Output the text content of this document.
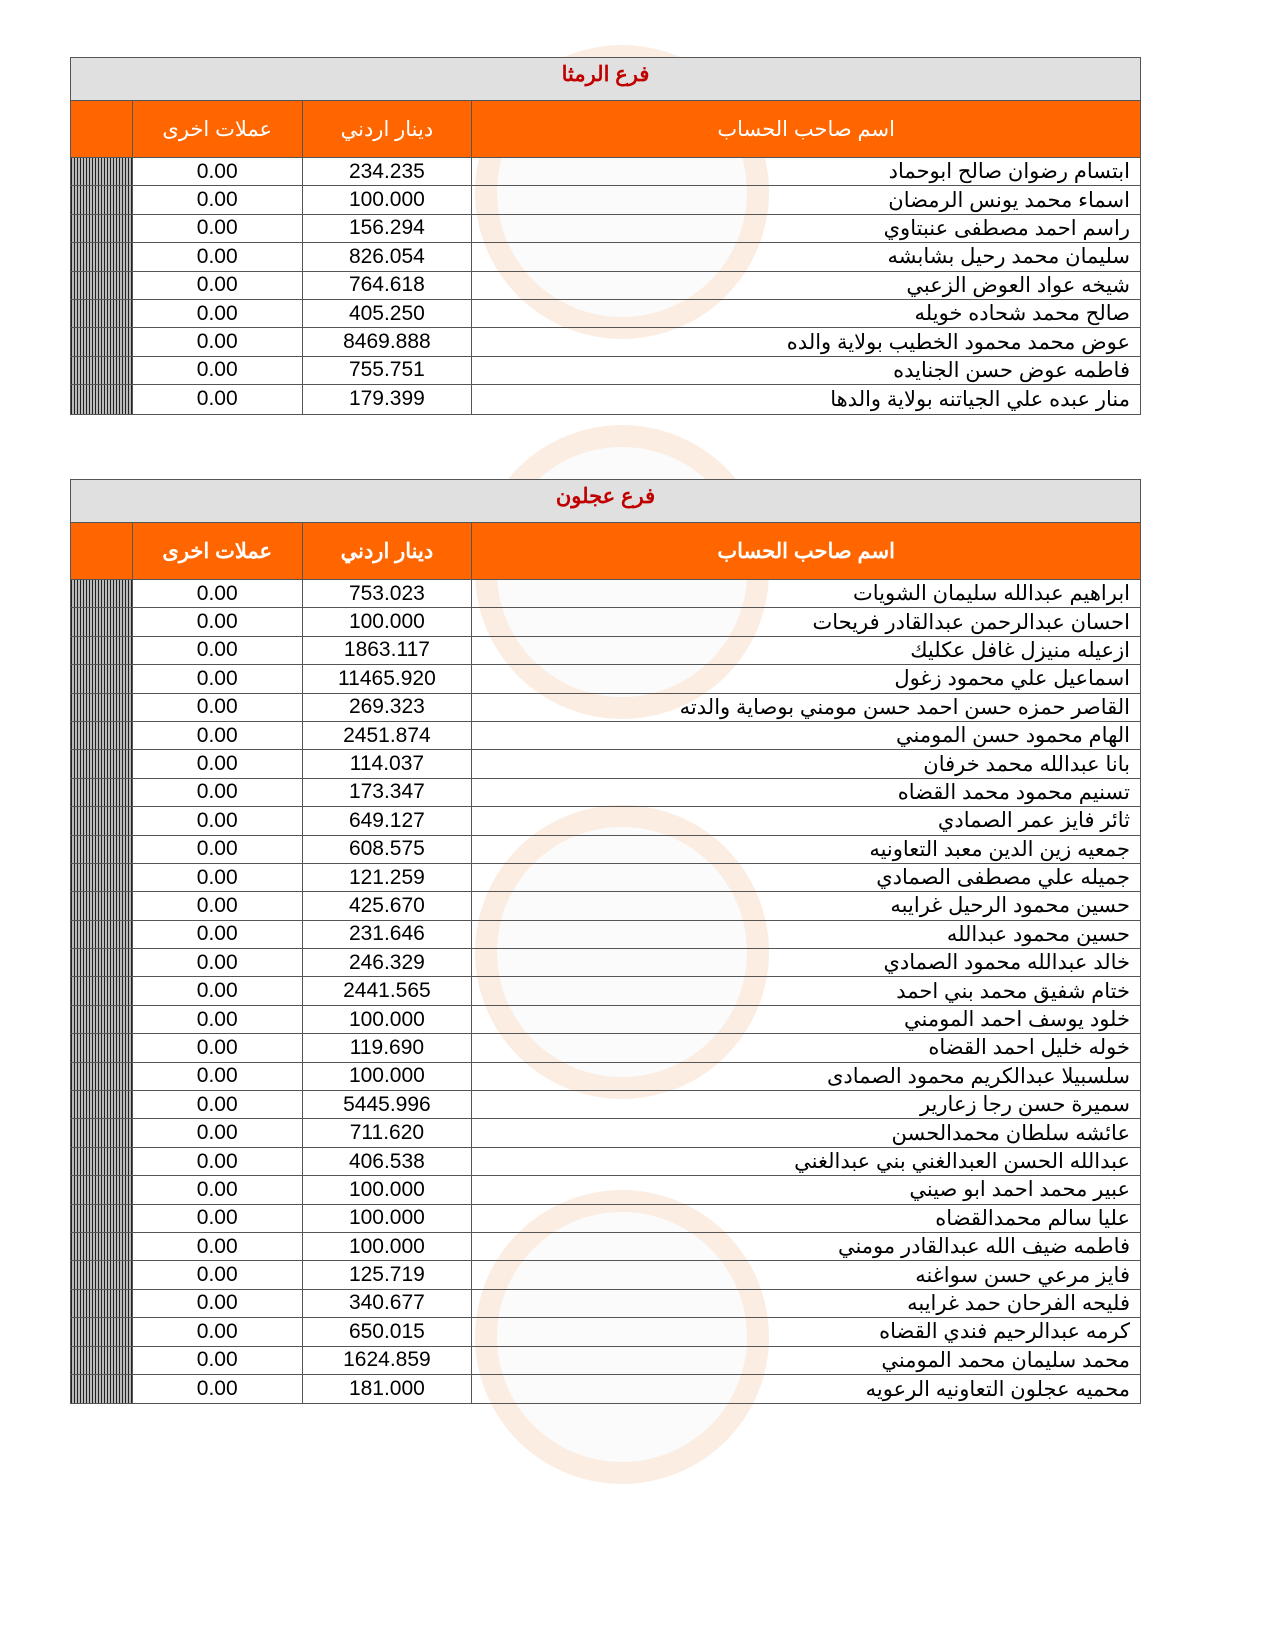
فرع الرمثا
اسم صاحب الحساب
دينار اردني
عملات اخرى
ابتسام رضوان صالح ابوحماد
234.235
0.00
اسماء محمد يونس الرمضان
100.000
0.00
راسم احمد مصطفى عنبتاوي
156.294
0.00
سليمان محمد رحيل بشابشه
826.054
0.00
شيخه عواد العوض الزعبي
764.618
0.00
صالح محمد شحاده خويله
405.250
0.00
عوض محمد محمود الخطيب بولاية والده
8469.888
0.00
فاطمه عوض حسن الجنايده
755.751
0.00
منار عبده علي الجياتنه بولاية والدها
179.399
0.00
فرع عجلون
اسم صاحب الحساب
دينار اردني
عملات اخرى
ابراهيم عبدالله سليمان الشويات
753.023
0.00
احسان عبدالرحمن عبدالقادر فريحات
100.000
0.00
ازعيله منيزل غافل عكليك
1863.117
0.00
اسماعيل علي محمود زغول
11465.920
0.00
القاصر حمزه حسن احمد حسن مومني بوصاية والدته
269.323
0.00
الهام محمود حسن المومني
2451.874
0.00
بانا عبدالله محمد خرفان
114.037
0.00
تسنيم محمود محمد القضاه
173.347
0.00
ثائر فايز عمر الصمادي
649.127
0.00
جمعيه زين الدين معبد التعاونيه
608.575
0.00
جميله علي مصطفى الصمادي
121.259
0.00
حسين محمود الرحيل غرايبه
425.670
0.00
حسين محمود عبدالله
231.646
0.00
خالد عبدالله محمود الصمادي
246.329
0.00
ختام شفيق محمد بني احمد
2441.565
0.00
خلود يوسف احمد المومني
100.000
0.00
خوله خليل احمد القضاه
119.690
0.00
سلسبيلا عبدالكريم محمود الصمادى
100.000
0.00
سميرة حسن رجا زعارير
5445.996
0.00
عائشه سلطان محمدالحسن
711.620
0.00
عبدالله الحسن العبدالغني بني عبدالغني
406.538
0.00
عبير محمد احمد ابو صيني
100.000
0.00
عليا سالم محمدالقضاه
100.000
0.00
فاطمه ضيف الله عبدالقادر مومني
100.000
0.00
فايز مرعي حسن سواغنه
125.719
0.00
فليحه الفرحان حمد غرايبه
340.677
0.00
كرمه عبدالرحيم فندي القضاه
650.015
0.00
محمد سليمان محمد المومني
1624.859
0.00
محميه عجلون التعاونيه الرعويه
181.000
0.00
